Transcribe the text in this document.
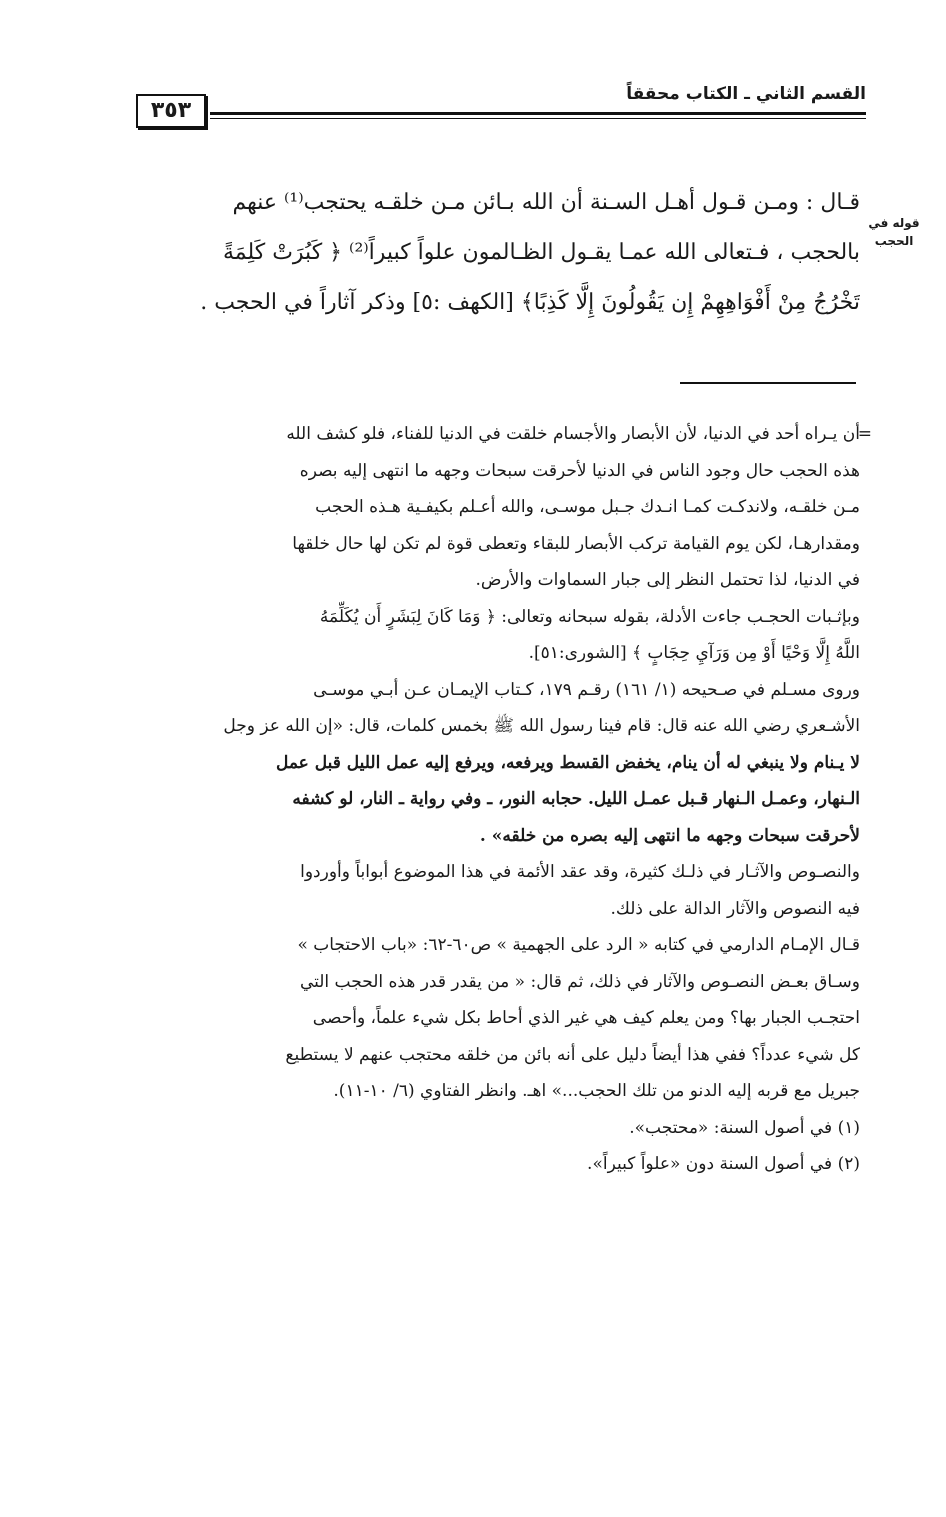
القسم الثاني ـ الكتاب محققاً
٣٥٣
قوله في
الحجب
قـال : ومـن قـول أهـل السـنة أن الله بـائن مـن خلقـه يحتجب⁽¹⁾ عنهم
بالحجب ، فـتعالى الله عمـا يقـول الظـالمون علواً كبيراً⁽²⁾ ﴿ كَبُرَتْ كَلِمَةً
تَخْرُجُ مِنْ أَفْوَاهِهِمْ إِن يَقُولُونَ إِلَّا كَذِبًا﴾ [الكهف :٥] وذكر آثاراً في الحجب .
=
أن يـراه أحد في الدنيا، لأن الأبصار والأجسام خلقت في الدنيا للفناء، فلو كشف الله
هذه الحجب حال وجود الناس في الدنيا لأحرقت سبحات وجهه ما انتهى إليه بصره
مـن خلقـه، ولاندكـت كمـا انـدك جـبل موسـى، والله أعـلم بكيفـية هـذه الحجب
ومقدارهـا، لكن يوم القيامة تركب الأبصار للبقاء وتعطى قوة لم تكن لها حال خلقها
في الدنيا، لذا تحتمل النظر إلى جبار السماوات والأرض.
وبإثـبات الحجـب جاءت الأدلة، بقوله سبحانه وتعالى: ﴿ وَمَا كَانَ لِبَشَرٍ أَن يُكَلِّمَهُ
اللَّهُ إِلَّا وَحْيًا أَوْ مِن وَرَآيِ حِجَابٍ ﴾ [الشورى:٥١].
وروى مسـلم في صـحيحه (١/ ١٦١) رقـم ١٧٩، كـتاب الإيمـان عـن أبـي موسـى
الأشـعري رضي الله عنه قال: قام فينا رسول الله ﷺ بخمس كلمات، قال: «إن الله عز وجل
لا يـنام ولا ينبغي له أن ينام، يخفض القسط ويرفعه، ويرفع إليه عمل الليل قبل عمل
الـنهار، وعمـل الـنهار قـبل عمـل الليل. حجابه النور، ـ وفي رواية ـ النار، لو كشفه
لأحرقت سبحات وجهه ما انتهى إليه بصره من خلقه» .
والنصـوص والآثـار في ذلـك كثيرة، وقد عقد الأئمة في هذا الموضوع أبواباً وأوردوا
فيه النصوص والآثار الدالة على ذلك.
قـال الإمـام الدارمي في كتابه « الرد على الجهمية » ص٦٠-٦٢: «باب الاحتجاب »
وسـاق بعـض النصـوص والآثار في ذلك، ثم قال: « من يقدر قدر هذه الحجب التي
احتجـب الجبار بها؟ ومن يعلم كيف هي غير الذي أحاط بكل شيء علماً، وأحصى
كل شيء عدداً؟ ففي هذا أيضاً دليل على أنه بائن من خلقه محتجب عنهم لا يستطيع
جبريل مع قربه إليه الدنو من تلك الحجب...» اهـ. وانظر الفتاوي (٦/ ١٠-١١).
(١) في أصول السنة: «محتجب».
(٢) في أصول السنة دون «علواً كبيراً».
